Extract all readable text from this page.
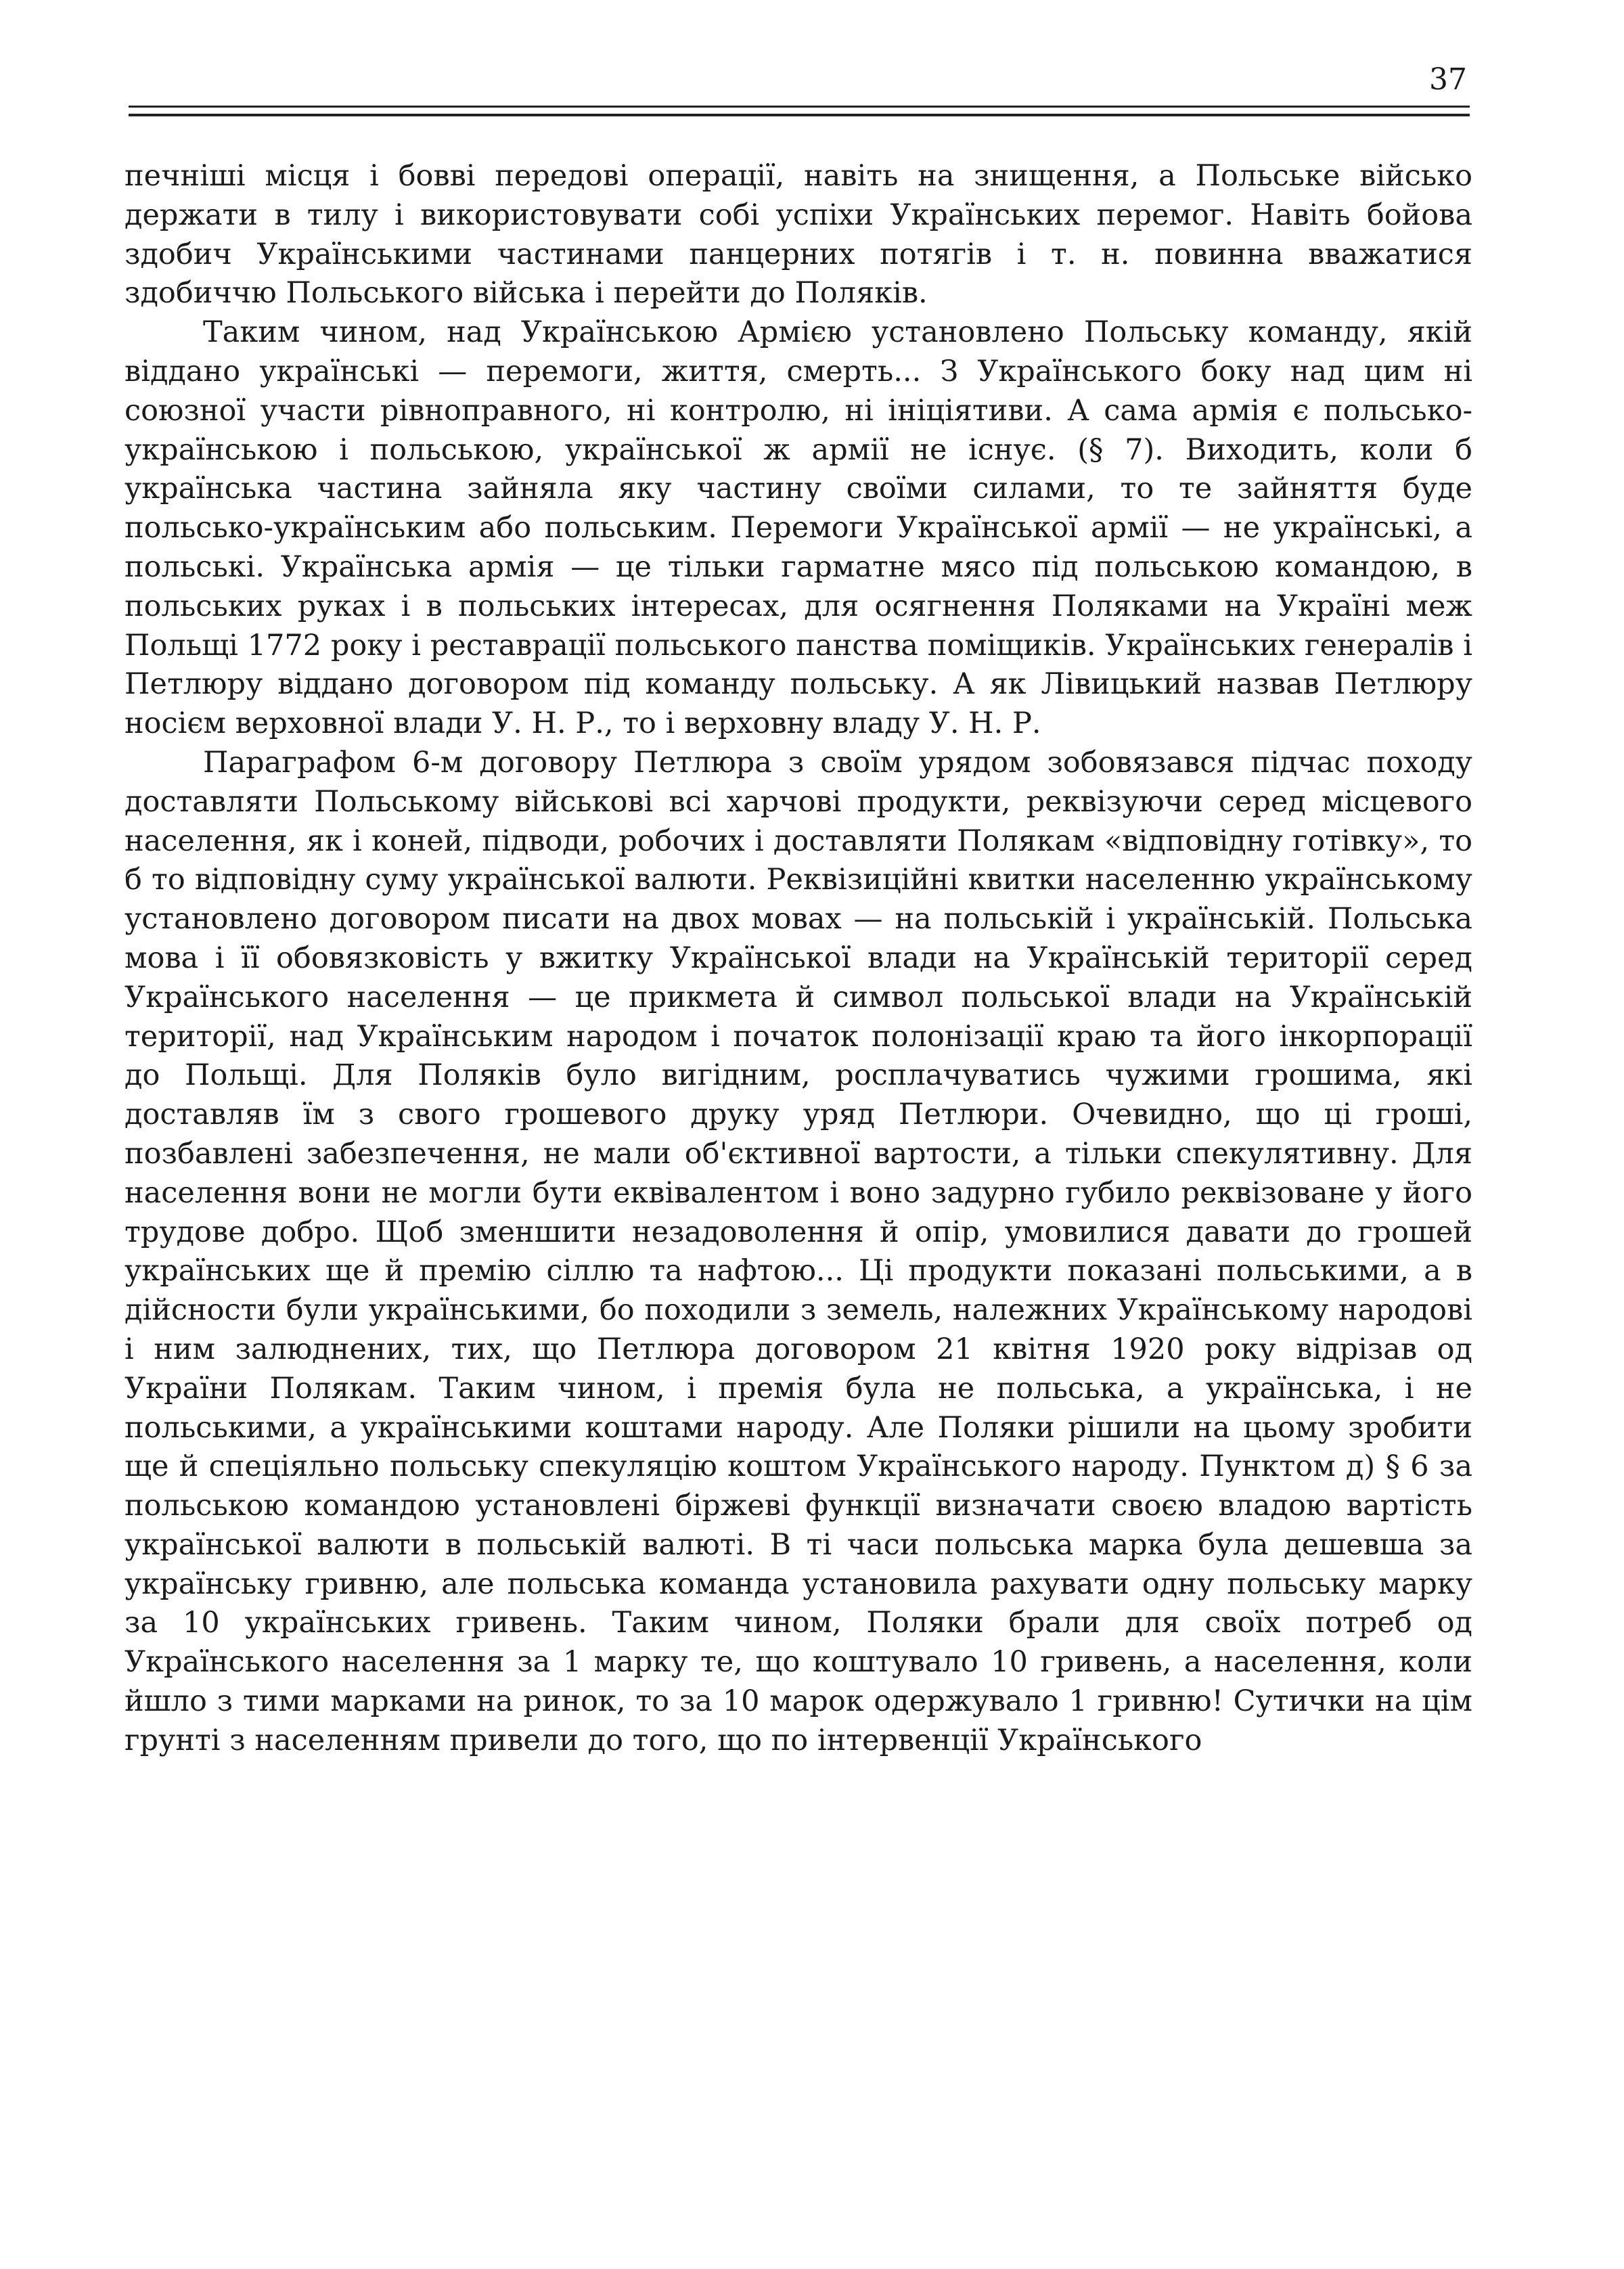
37

печніші місця і бовві передові операції, навіть на знищення, а Польське військо держати в тилу і використовувати собі успіхи Українських перемог. Навіть бойова здобич Українськими частинами панцерних потягів і т. н. повинна вважатися здобиччю Польського війська і перейти до Поляків.

Таким чином, над Українською Армією установлено Польську команду, якій віддано українські — перемоги, життя, смерть... З Українського боку над цим ні союзної участи рівноправного, ні контролю, ні ініціятиви. А сама армія є польсько-українською і польською, української ж армії не існує. (§ 7). Виходить, коли б українська частина зайняла яку частину своїми силами, то те зайняття буде польсько-українським або польським. Перемоги Української армії — не українські, а польські. Українська армія — це тільки гарматне мясо під польською командою, в польських руках і в польських інтересах, для осягнення Поляками на Україні меж Польщі 1772 року і реставрації польського панства поміщиків. Українських генералів і Петлюру віддано договором під команду польську. А як Лівицький назвав Петлюру носієм верховної влади У. Н. Р., то і верховну владу У. Н. Р.

Параграфом 6-м договору Петлюра з своїм урядом зобовязався підчас походу доставляти Польському військові всі харчові продукти, реквізуючи серед місцевого населення, як і коней, підводи, робочих і доставляти Полякам «відповідну готівку», то б то відповідну суму української валюти. Реквізиційні квитки населенню українському установлено договором писати на двох мовах — на польській і українській. Польська мова і її обовязковість у вжитку Української влади на Українській території серед Українського населення — це прикмета й символ польської влади на Українській території, над Українським народом і початок полонізації краю та його інкорпорації до Польщі. Для Поляків було вигідним, росплачуватись чужими грошима, які доставляв їм з свого грошевого друку уряд Петлюри. Очевидно, що ці гроші, позбавлені забезпечення, не мали об'єктивної вартости, а тільки спекулятивну. Для населення вони не могли бути еквівалентом і воно задурно губило реквізоване у його трудове добро. Щоб зменшити незадоволення й опір, умовилися давати до грошей українських ще й премію сіллю та нафтою... Ці продукти показані польськими, а в дійсности були українськими, бо походили з земель, належних Українському народові і ним залюднених, тих, що Петлюра договором 21 квітня 1920 року відрізав од України Полякам. Таким чином, і премія була не польська, а українська, і не польськими, а українськими коштами народу. Але Поляки рішили на цьому зробити ще й спеціяльно польську спекуляцію коштом Українського народу. Пунктом д) § 6 за польською командою установлені біржеві функції визначати своєю владою вартість української валюти в польській валюті. В ті часи польська марка була дешевша за українську гривню, але польська команда установила рахувати одну польську марку за 10 українських гривень. Таким чином, Поляки брали для своїх потреб од Українського населення за 1 марку те, що коштувало 10 гривень, а населення, коли йшло з тими марками на ринок, то за 10 марок одержувало 1 гривню! Сутички на цім грунті з населенням привели до того, що по інтервенції Українського
